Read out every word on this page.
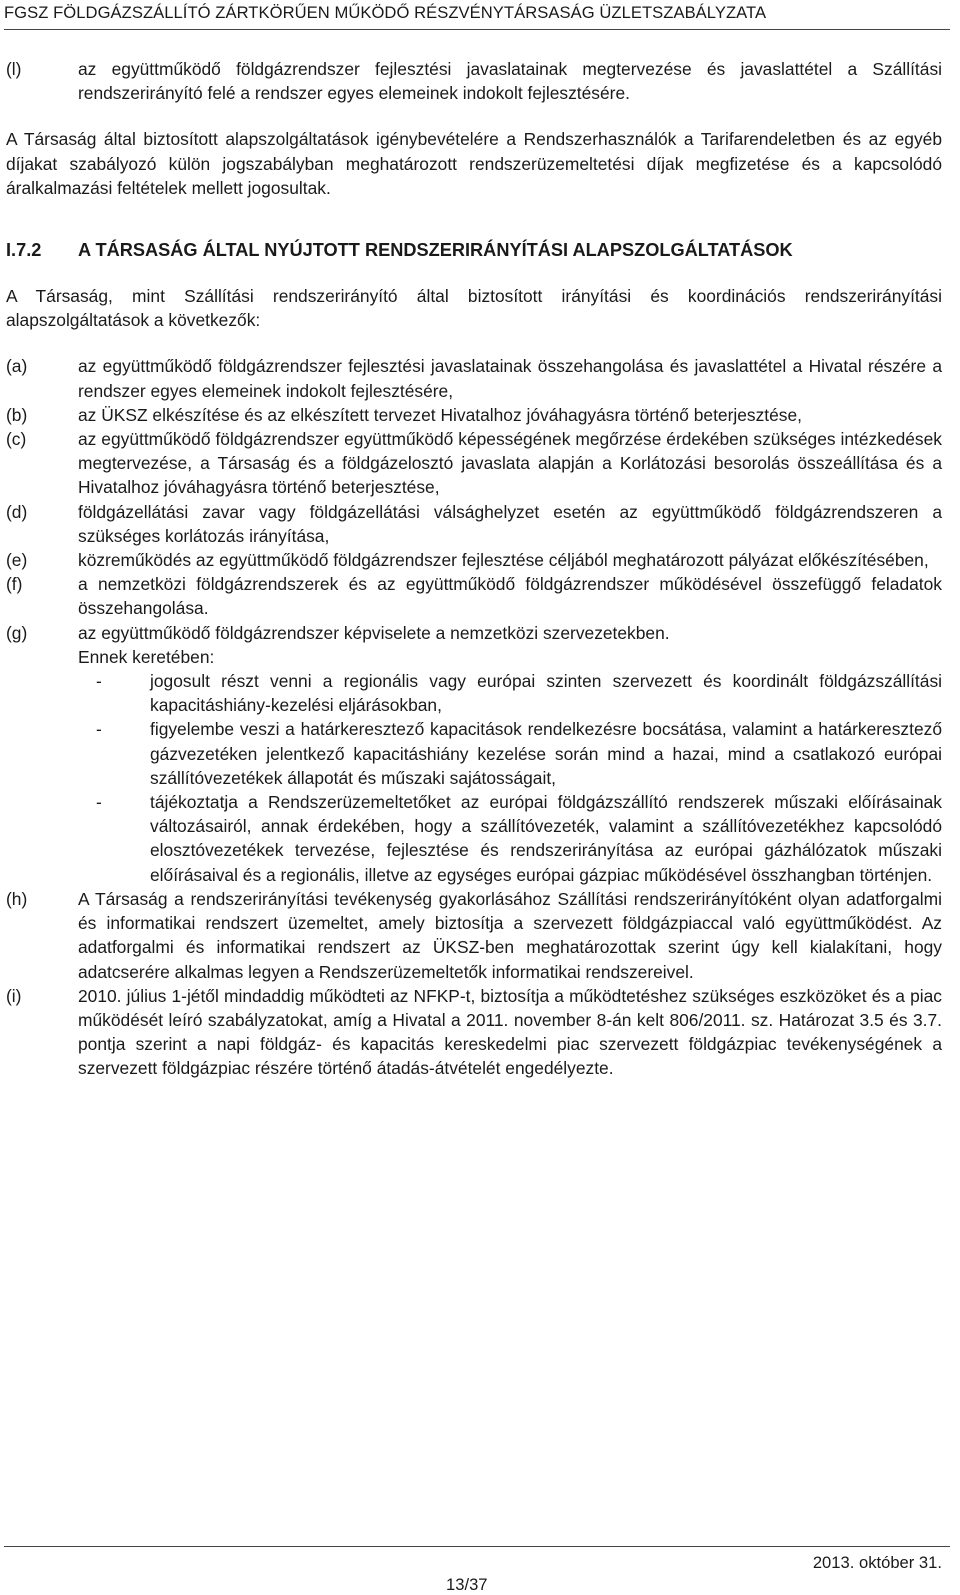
FGSZ FÖLDGÁZSZÁLLÍTÓ ZÁRTKÖRŰEN MŰKÖDŐ RÉSZVÉNYTÁRSASÁG ÜZLETSZABÁLYZATA
(l)	az együttműködő földgázrendszer fejlesztési javaslatainak megtervezése és javaslattétel a Szállítási rendszerirányító felé a rendszer egyes elemeinek indokolt fejlesztésére.
A Társaság által biztosított alapszolgáltatások igénybevételére a Rendszerhasználók a Tarifarendeletben és az egyéb díjakat szabályozó külön jogszabályban meghatározott rendszerüzemeltetési díjak megfizetése és a kapcsolódó áralkalmazási feltételek mellett jogosultak.
I.7.2	A TÁRSASÁG ÁLTAL NYÚJTOTT RENDSZERIRÁNYÍTÁSI ALAPSZOLGÁLTATÁSOK
A Társaság, mint Szállítási rendszerirányító által biztosított irányítási és koordinációs rendszerirányítási alapszolgáltatások a következők:
(a)	az együttműködő földgázrendszer fejlesztési javaslatainak összehangolása és javaslattétel a Hivatal részére a rendszer egyes elemeinek indokolt fejlesztésére,
(b)	az ÜKSZ elkészítése és az elkészített tervezet Hivatalhoz jóváhagyásra történő beterjesztése,
(c)	az együttműködő földgázrendszer együttműködő képességének megőrzése érdekében szükséges intézkedések megtervezése, a Társaság és a földgázelosztó javaslata alapján a Korlátozási besorolás összeállítása és a Hivatalhoz jóváhagyásra történő beterjesztése,
(d)	földgázellátási zavar vagy földgázellátási válsághelyzet esetén az együttműködő földgázrendszeren a szükséges korlátozás irányítása,
(e)	közreműködés az együttműködő földgázrendszer fejlesztése céljából meghatározott pályázat előkészítésében,
(f)	a nemzetközi földgázrendszerek és az együttműködő földgázrendszer működésével összefüggő feladatok összehangolása.
(g)	az együttműködő földgázrendszer képviselete a nemzetközi szervezetekben.
Ennek keretében:
-	jogosult részt venni a regionális vagy európai szinten szervezett és koordinált földgázszállítási kapacitáshiány-kezelési eljárásokban,
-	figyelembe veszi a határkeresztező kapacitások rendelkezésre bocsátása, valamint a határkeresztező gázvezetéken jelentkező kapacitáshiány kezelése során mind a hazai, mind a csatlakozó európai szállítóvezetékek állapotát és műszaki sajátosságait,
-	tájékoztatja a Rendszerüzemeltetőket az európai földgázszállító rendszerek műszaki előírásainak változásairól, annak érdekében, hogy a szállítóvezeték, valamint a szállítóvezetékhez kapcsolódó elosztóvezetékek tervezése, fejlesztése és rendszerirányítása az európai gázhálózatok műszaki előírásaival és a regionális, illetve az egységes európai gázpiac működésével összhangban történjen.
(h)	A Társaság a rendszerirányítási tevékenység gyakorlásához Szállítási rendszerirányítóként olyan adatforgalmi és informatikai rendszert üzemeltet, amely biztosítja a szervezett földgázpiaccal való együttműködést. Az adatforgalmi és informatikai rendszert az ÜKSZ-ben meghatározottak szerint úgy kell kialakítani, hogy adatcserére alkalmas legyen a Rendszerüzemeltetők informatikai rendszereivel.
(i)	2010. július 1-jétől mindaddig működteti az NFKP-t, biztosítja a működtetéshez szükséges eszközöket és a piac működését leíró szabályzatokat, amíg a Hivatal a 2011. november 8-án kelt 806/2011. sz. Határozat 3.5 és 3.7. pontja szerint a napi földgáz- és kapacitás kereskedelmi piac szervezett földgázpiac tevékenységének a szervezett földgázpiac részére történő átadás-átvételét engedélyezte.
2013. október 31.
13/37
